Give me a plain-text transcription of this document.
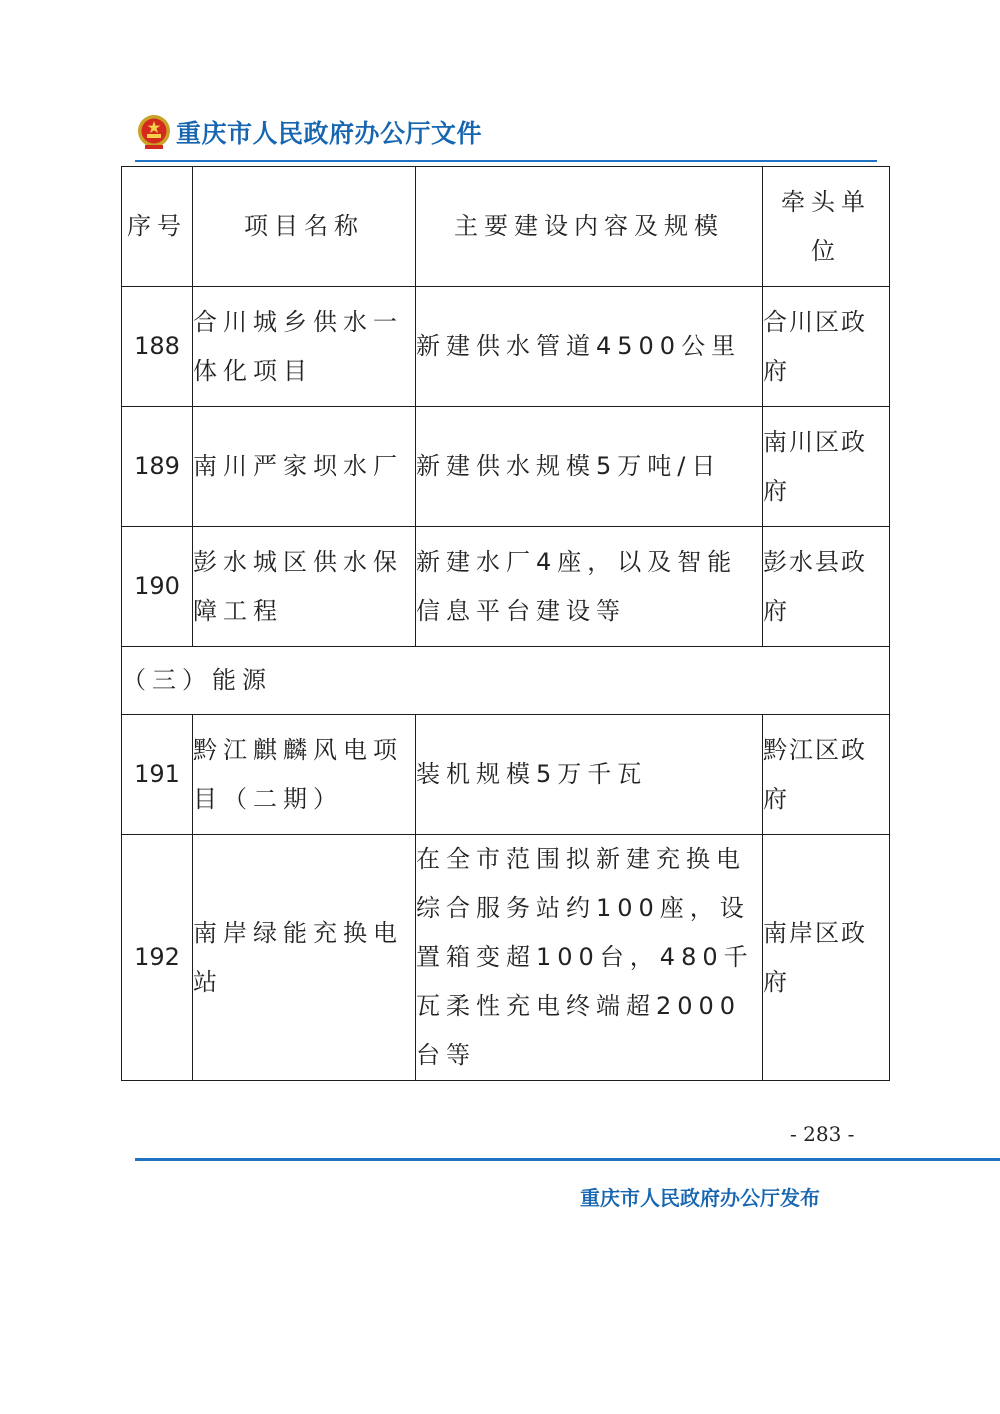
重庆市人民政府办公厅文件
序号	项目名称	主要建设内容及规模	牵头单位
188	合川城乡供水一体化项目	新建供水管道4500公里	合川区政府
189	南川严家坝水厂	新建供水规模5万吨/日	南川区政府
190	彭水城区供水保障工程	新建水厂4座，以及智能信息平台建设等	彭水县政府
（三）能源			
191	黔江麒麟风电项目（二期）	装机规模5万千瓦	黔江区政府
192	南岸绿能充换电站	在全市范围拟新建充换电综合服务站约100座，设置箱变超100台，480千瓦柔性充电终端超2000台等	南岸区政府
- 283 -
重庆市人民政府办公厅发布
